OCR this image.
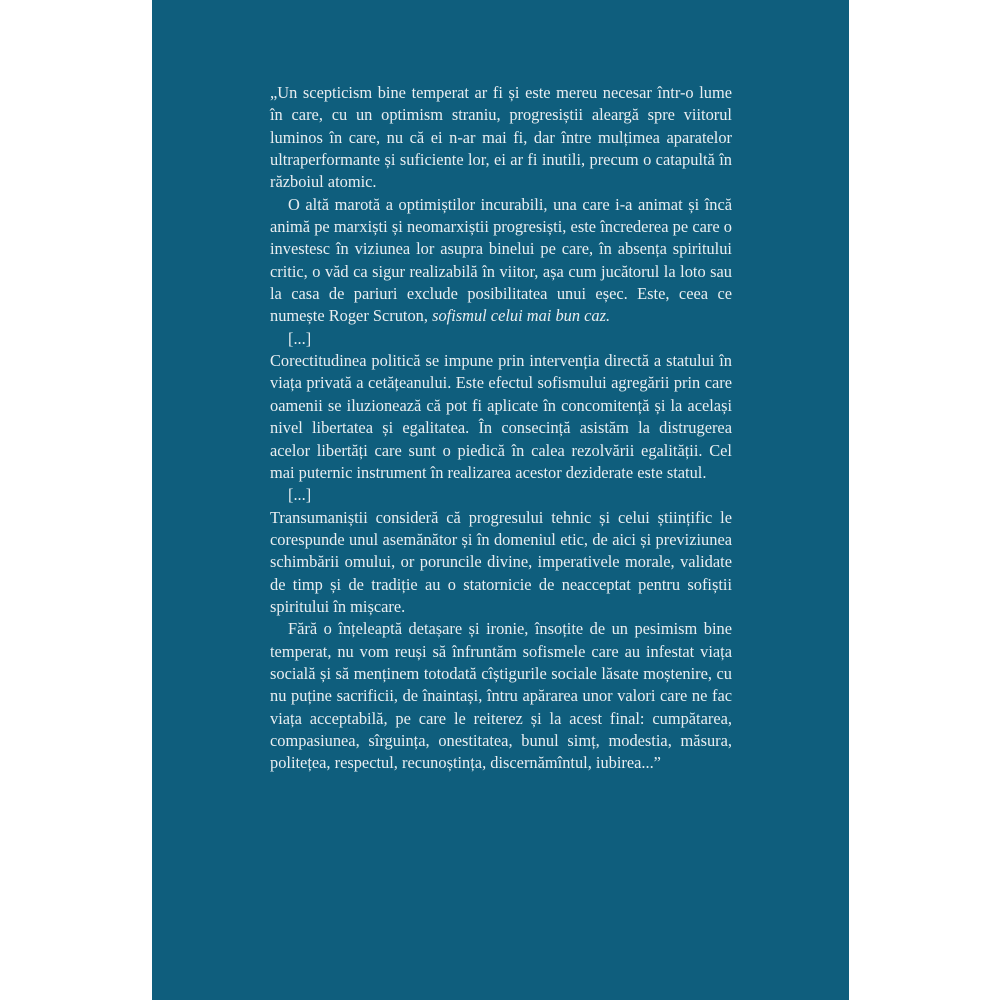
„Un scepticism bine temperat ar fi și este mereu necesar într-o lume în care, cu un optimism straniu, progresiștii aleargă spre viitorul luminos în care, nu că ei n-ar mai fi, dar între mulțimea aparatelor ultraperformante și suficiente lor, ei ar fi inutili, precum o catapultă în războiul atomic.

O altă marotă a optimiștilor incurabili, una care i-a animat și încă animă pe marxiști și neomarxiștii progresiști, este încrederea pe care o investesc în viziunea lor asupra binelui pe care, în absența spiritului critic, o văd ca sigur realizabilă în viitor, așa cum jucătorul la loto sau la casa de pariuri exclude posibilitatea unui eșec. Este, ceea ce numește Roger Scruton, sofismul celui mai bun caz.

[...]

Corectitudinea politică se impune prin intervenția directă a statului în viața privată a cetățeanului. Este efectul sofismului agregării prin care oamenii se iluzionează că pot fi aplicate în concomitență și la același nivel libertatea și egalitatea. În consecință asistăm la distrugerea acelor libertăți care sunt o piedică în calea rezolvării egalității. Cel mai puternic instrument în realizarea acestor deziderate este statul.

[...]

Transumaniștii consideră că progresului tehnic și celui științific le corespunde unul asemănător și în domeniul etic, de aici și previziunea schimbării omului, or poruncile divine, imperativele morale, validate de timp și de tradiție au o statornicie de neacceptat pentru sofiștii spiritului în mișcare.

Fără o înțeleaptă detașare și ironie, însoțite de un pesimism bine temperat, nu vom reuși să înfruntăm sofismele care au infestat viața socială și să menținem totodată cîștigurile sociale lăsate moștenire, cu nu puține sacrificii, de înaintași, întru apărarea unor valori care ne fac viața acceptabilă, pe care le reiterez și la acest final: cumpătarea, compasiunea, sîrguința, onestitatea, bunul simț, modestia, măsura, politețea, respectul, recunoștința, discernămîntul, iubirea...”
